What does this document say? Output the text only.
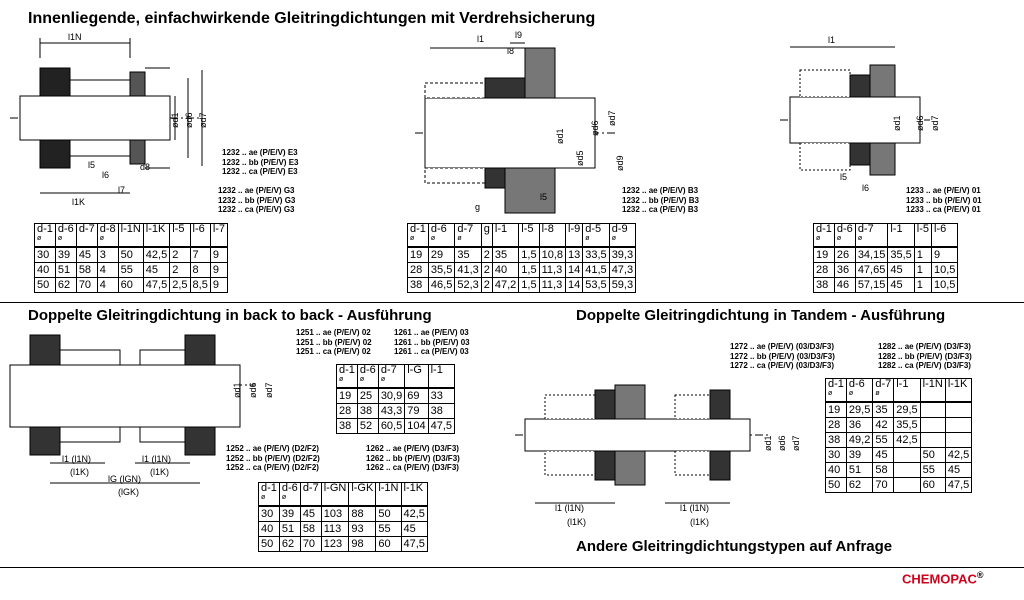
Innenliegende, einfachwirkende Gleitringdichtungen mit Verdrehsicherung
Doppelte Gleitringdichtung in back to back - Ausführung	Doppelte Gleitringdichtung in Tandem - Ausführung
Andere Gleitringdichtungstypen auf Anfrage
CHEMOPAC®
l1N
l1K
l5
l6
l7
d8
ød1 ød6 ød7
l1
l8
l9
l5
g
ød1
ød5
ød6
ød7
ød9
l1
l5
l6
ød1 ød6 ød7
l1 (l1N)
(l1K)
l1 (l1N)
(l1K)
lG (lGN)
(lGK)
ød1 ød6 ød7
l1 (l1N)
(l1K)
l1 (l1N)
(l1K)
ød1 ød6 ød7
1232 .. ae (P/E/V) E3
1232 .. bb (P/E/V) E3
1232 .. ca (P/E/V) E3
1232 .. ae (P/E/V) G3
1232 .. bb (P/E/V) G3
1232 .. ca (P/E/V) G3
1232 .. ae (P/E/V) B3
1232 .. bb (P/E/V) B3
1232 .. ca (P/E/V) B3
1233 .. ae (P/E/V) 01
1233 .. bb (P/E/V) 01
1233 .. ca (P/E/V) 01
1251 .. ae (P/E/V) 02
1251 .. bb (P/E/V) 02
1251 .. ca (P/E/V) 02
1261 .. ae (P/E/V) 03
1261 .. bb (P/E/V) 03
1261 .. ca (P/E/V) 03
1252 .. ae (P/E/V) (D2/F2)
1252 .. bb (P/E/V) (D2/F2)
1252 .. ca (P/E/V) (D2/F2)
1262 .. ae (P/E/V) (D3/F3)
1262 .. bb (P/E/V) (D3/F3)
1262 .. ca (P/E/V) (D3/F3)
1272 .. ae (P/E/V) (03/D3/F3)
1272 .. bb (P/E/V) (03/D3/F3)
1272 .. ca (P/E/V) (03/D3/F3)
1282 .. ae (P/E/V) (D3/F3)
1282 .. bb (P/E/V) (D3/F3)
1282 .. ca (P/E/V) (D3/F3)
d-1
ø	d-6
ø	d-7	d-8
ø	l-1N	l-1K	l-5	l-6	l-7

30	39	45	3	50	42,5	2	7	9
40	51	58	4	55	45	2	8	9
50	62	70	4	60	47,5	2,5	8,5	9
d-1
ø	d-6
ø	d-7
ø	g	l-1	l-5	l-8	l-9	d-5
ø	d-9
ø

19	29	35	2	35	1,5	10,8	13	33,5	39,3
28	35,5	41,3	2	40	1,5	11,3	14	41,5	47,3
38	46,5	52,3	2	47,2	1,5	11,3	14	53,5	59,3
d-1
ø	d-6
ø	d-7
ø	l-1	l-5	l-6

19	26	34,15	35,5	1	9
28	36	47,65	45	1	10,5
38	46	57,15	45	1	10,5
d-1
ø	d-6
ø	d-7
ø	l-G	l-1

19	25	30,9	69	33
28	38	43,3	79	38
38	52	60,5	104	47,5
d-1
ø	d-6
ø	d-7	l-GN	l-GK	l-1N	l-1K

30	39	45	103	88	50	42,5
40	51	58	113	93	55	45
50	62	70	123	98	60	47,5
d-1
ø	d-6
ø	d-7
ø	l-1	l-1N	l-1K

19	29,5	35	29,5		
28	36	42	35,5		
38	49,2	55	42,5		
30	39	45		50	42,5
40	51	58		55	45
50	62	70		60	47,5
